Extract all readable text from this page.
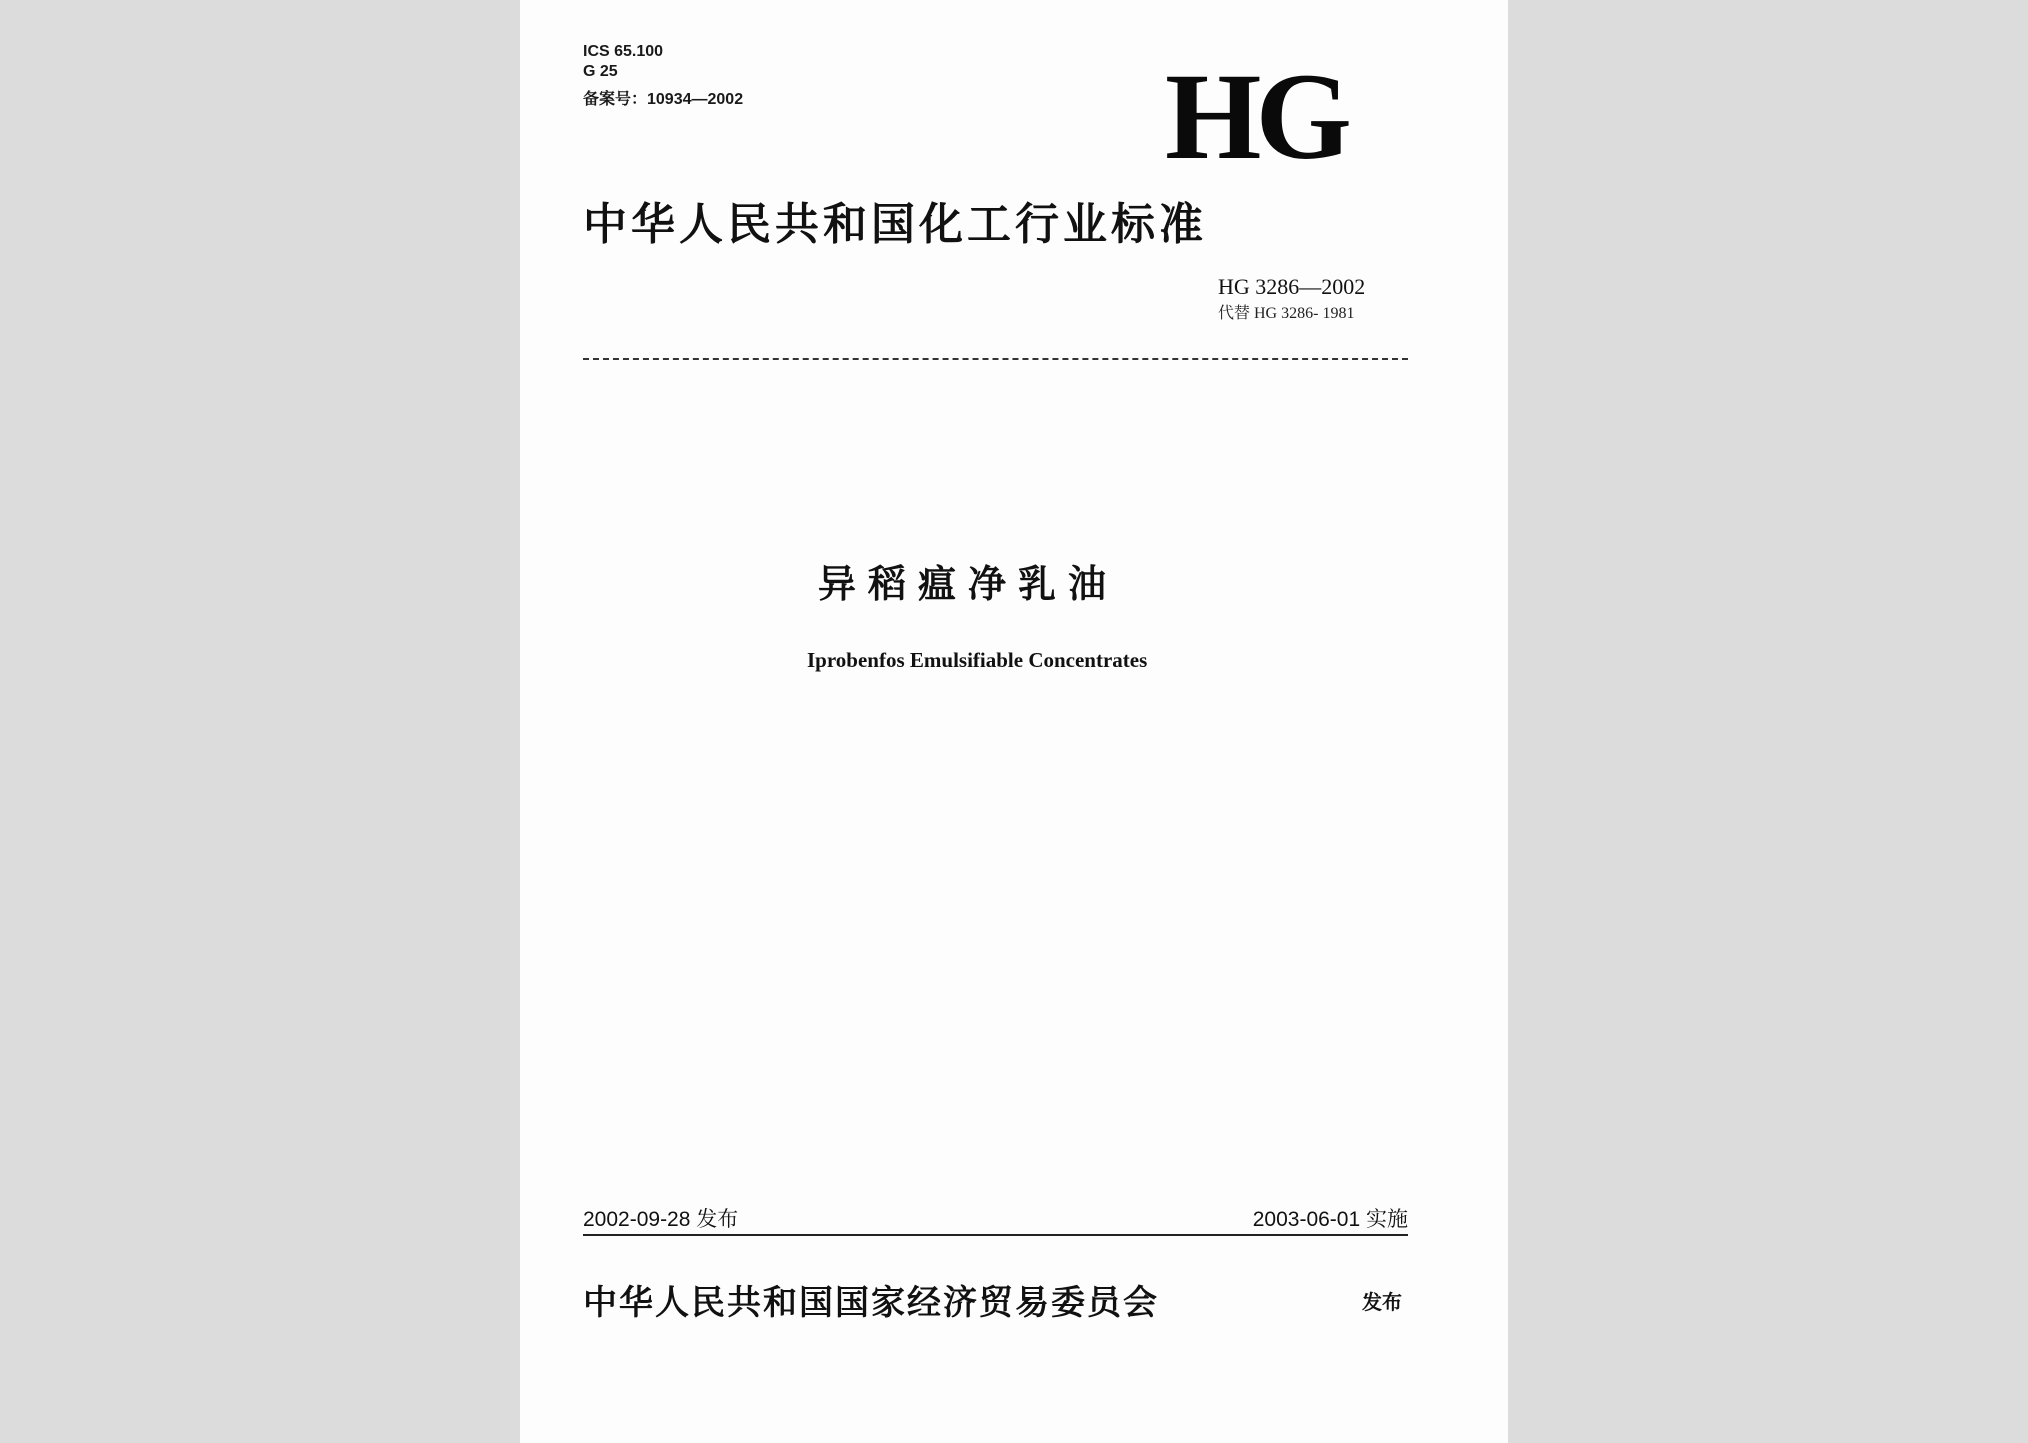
ICS 65.100
G 25
备案号：10934—2002	HG
中华人民共和国化工行业标准
HG 3286—2002
代替 HG 3286- 1981
异稻瘟净乳油
Iprobenfos Emulsifiable Concentrates
2002-09-28 发布	2003-06-01 实施
中华人民共和国国家经济贸易委员会	发布
